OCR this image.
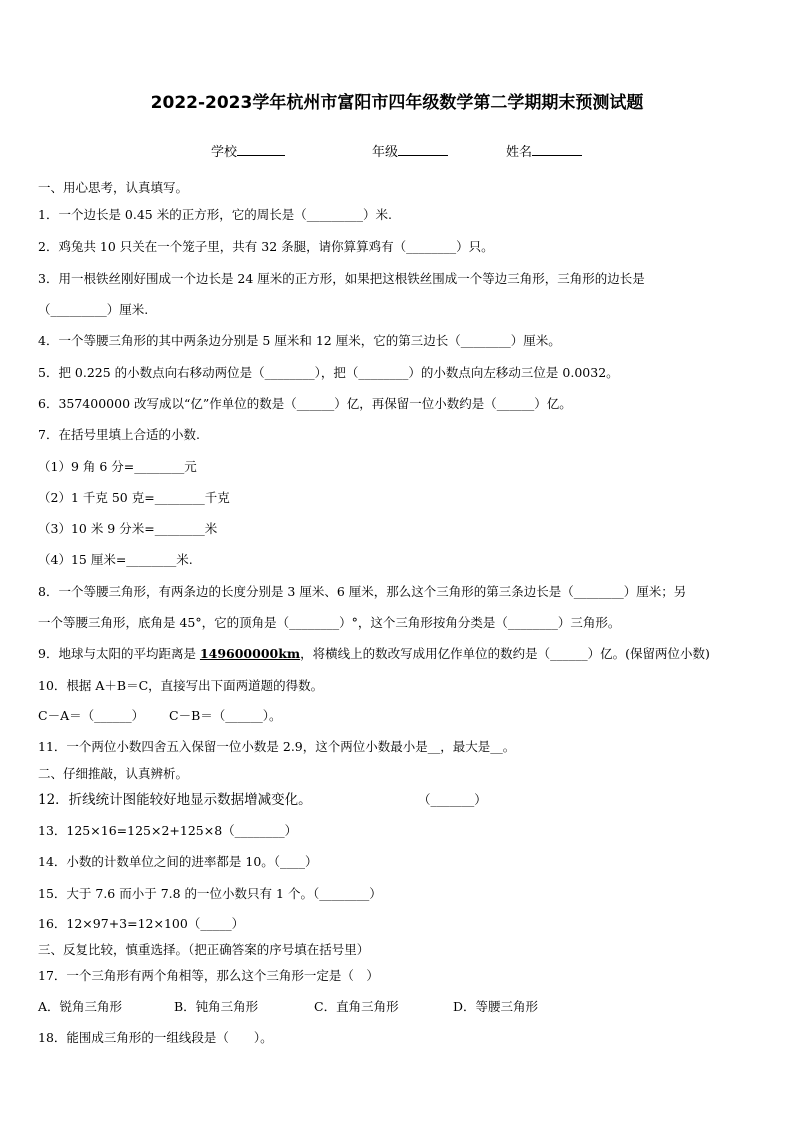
2022-2023学年杭州市富阳市四年级数学第二学期期末预测试题
学校	年级	姓名
一、用心思考，认真填写。
1．一个边长是 0.45 米的正方形，它的周长是（_________）米.
2．鸡兔共 10 只关在一个笼子里，共有 32 条腿，请你算算鸡有（________）只。
3．用一根铁丝刚好围成一个边长是 24 厘米的正方形，如果把这根铁丝围成一个等边三角形，三角形的边长是
（_________）厘米.
4．一个等腰三角形的其中两条边分别是 5 厘米和 12 厘米，它的第三边长（________）厘米。
5．把 0.225 的小数点向右移动两位是（________），把（________）的小数点向左移动三位是 0.0032。
6．357400000 改写成以“亿”作单位的数是（______）亿，再保留一位小数约是（______）亿。
7．在括号里填上合适的小数.
（1）9 角 6 分=________元
（2）1 千克 50 克=________千克
（3）10 米 9 分米=________米
（4）15 厘米=________米.
8．一个等腰三角形，有两条边的长度分别是 3 厘米、6 厘米，那么这个三角形的第三条边长是（________）厘米；另
一个等腰三角形，底角是 45°，它的顶角是（________）°，这个三角形按角分类是（________）三角形。
9．地球与太阳的平均距离是 149600000km，将横线上的数改写成用亿作单位的数约是（______）亿。(保留两位小数)
10．根据 A＋B＝C，直接写出下面两道题的得数。
C－A＝（______） C－B＝（______）。
11．一个两位小数四舍五入保留一位小数是 2.9，这个两位小数最小是__，最大是__。
二、仔细推敲，认真辨析。
12．折线统计图能较好地显示数据增减变化。	（_______）
13．125×16=125×2+125×8（________）
14．小数的计数单位之间的进率都是 10。（____）
15．大于 7.6 而小于 7.8 的一位小数只有 1 个。（________）
16．12×97+3=12×100（_____）
三、反复比较，慎重选择。（把正确答案的序号填在括号里）
17．一个三角形有两个角相等，那么这个三角形一定是（　）
A．锐角三角形	B．钝角三角形	C．直角三角形	D．等腰三角形
18．能围成三角形的一组线段是（　　）。
